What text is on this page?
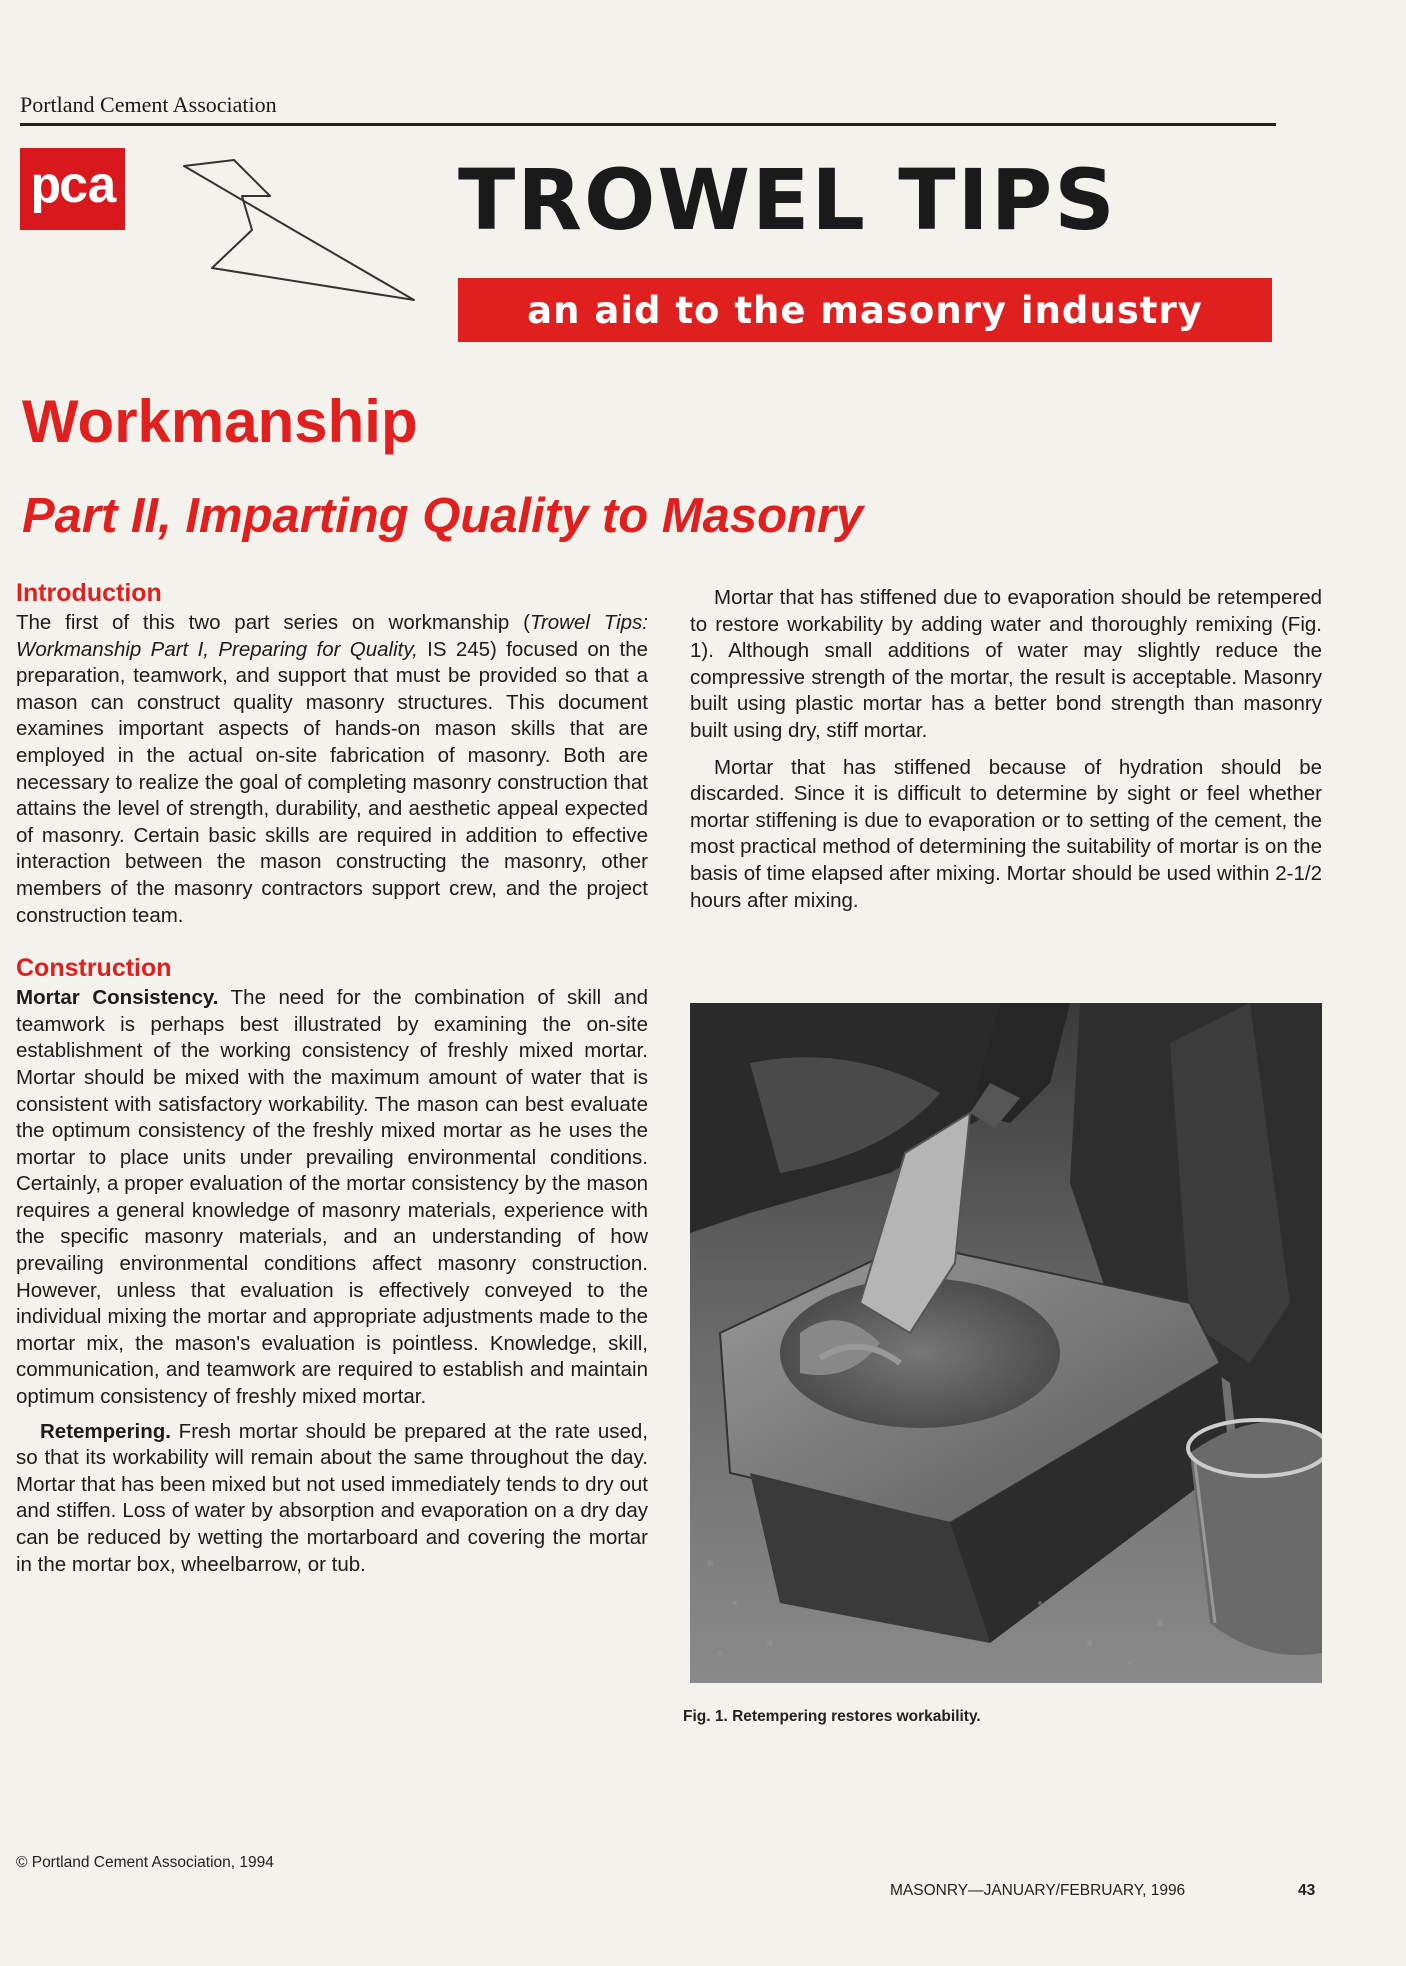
Portland Cement Association
pca	TROWEL TIPS
an aid to the masonry industry
Workmanship
Part II, Imparting Quality to Masonry
Introduction

The first of this two part series on workmanship (Trowel Tips: Workmanship Part I, Preparing for Quality, IS 245) focused on the preparation, teamwork, and support that must be provided so that a mason can construct quality masonry structures. This document examines important aspects of hands-on mason skills that are employed in the actual on-site fabrication of masonry. Both are necessary to realize the goal of completing masonry construction that attains the level of strength, durability, and aesthetic appeal expected of masonry. Certain basic skills are required in addition to effective interaction between the mason constructing the masonry, other members of the masonry contractors support crew, and the project construction team.

Construction

Mortar Consistency. The need for the combination of skill and teamwork is perhaps best illustrated by examining the on-site establishment of the working consistency of freshly mixed mortar. Mortar should be mixed with the maximum amount of water that is consistent with satisfactory workability. The mason can best evaluate the optimum consistency of the freshly mixed mortar as he uses the mortar to place units under prevailing environmental conditions. Certainly, a proper evaluation of the mortar consistency by the mason requires a general knowledge of masonry materials, experience with the specific masonry materials, and an understanding of how prevailing environmental conditions affect masonry construction. However, unless that evaluation is effectively conveyed to the individual mixing the mortar and appropriate adjustments made to the mortar mix, the mason's evaluation is pointless. Knowledge, skill, communication, and teamwork are required to establish and maintain optimum consistency of freshly mixed mortar.

Retempering. Fresh mortar should be prepared at the rate used, so that its workability will remain about the same throughout the day. Mortar that has been mixed but not used immediately tends to dry out and stiffen. Loss of water by absorption and evaporation on a dry day can be reduced by wetting the mortarboard and covering the mortar in the mortar box, wheelbarrow, or tub.

Mortar that has stiffened due to evaporation should be retempered to restore workability by adding water and thoroughly remixing (Fig. 1). Although small additions of water may slightly reduce the compressive strength of the mortar, the result is acceptable. Masonry built using plastic mortar has a better bond strength than masonry built using dry, stiff mortar.

Mortar that has stiffened because of hydration should be discarded. Since it is difficult to determine by sight or feel whether mortar stiffening is due to evaporation or to setting of the cement, the most practical method of determining the suitability of mortar is on the basis of time elapsed after mixing. Mortar should be used within 2-1/2 hours after mixing.

Fig. 1. Retempering restores workability.
© Portland Cement Association, 1994
MASONRY—JANUARY/FEBRUARY, 1996	43
